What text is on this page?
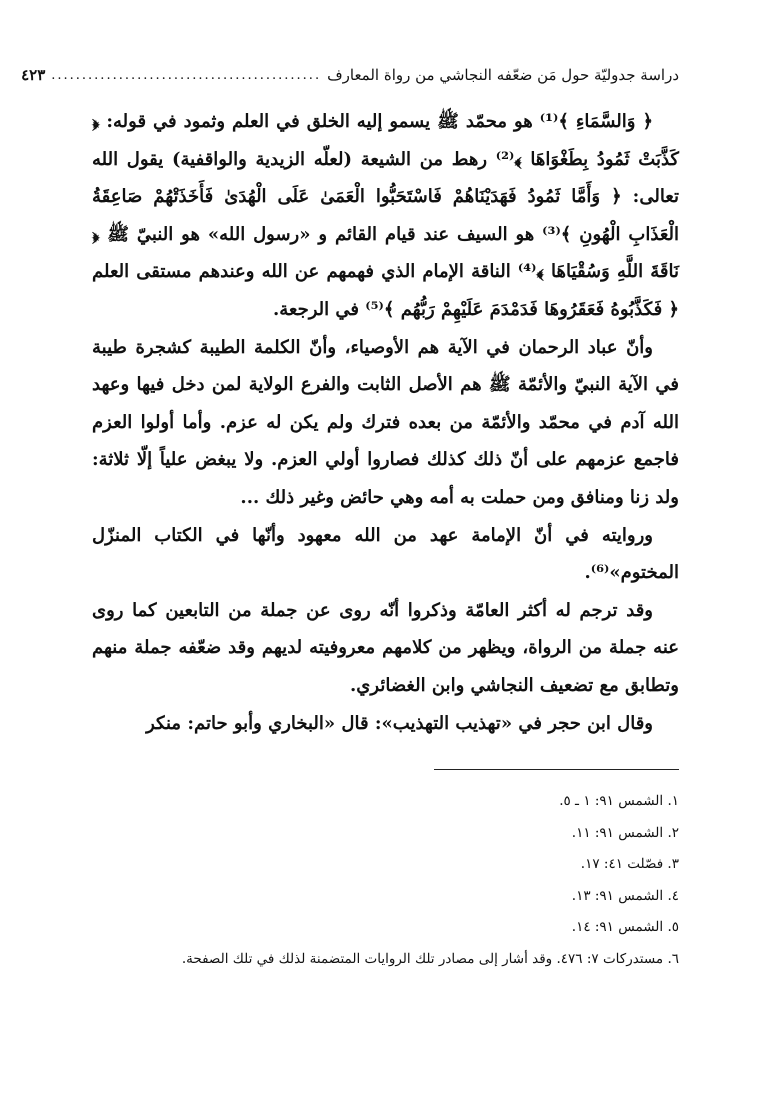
دراسة جدوليّة حول مَن ضعّفه النجاشي من رواة المعارف
............................................
٤٢٣

﴿ وَالسَّمَاءِ ﴾⁽¹⁾ هو محمّد ﷺ يسمو إليه الخلق في العلم وثمود في قوله: ﴿ كَذَّبَتْ ثَمُودُ بِطَغْوَاهَا ﴾⁽²⁾ رهط من الشيعة (لعلّه الزيدية والواقفية) يقول الله تعالى: ﴿ وَأَمَّا ثَمُودُ فَهَدَيْنَاهُمْ فَاسْتَحَبُّوا الْعَمَىٰ عَلَى الْهُدَىٰ فَأَخَذَتْهُمْ صَاعِقَةُ الْعَذَابِ الْهُونِ ﴾⁽³⁾ هو السيف عند قيام القائم و «رسول الله» هو النبيّ ﷺ ﴿ نَاقَةَ اللَّهِ وَسُقْيَاهَا ﴾⁽⁴⁾ الناقة الإمام الذي فهمهم عن الله وعندهم مستقى العلم ﴿ فَكَذَّبُوهُ فَعَقَرُوهَا فَدَمْدَمَ عَلَيْهِمْ رَبُّهُم ﴾⁽⁵⁾ في الرجعة.

وأنّ عباد الرحمان في الآية هم الأوصياء، وأنّ الكلمة الطيبة كشجرة طيبة في الآية النبيّ والأئمّة ﷺ هم الأصل الثابت والفرع الولاية لمن دخل فيها وعهد الله آدم في محمّد والأئمّة من بعده فترك ولم يكن له عزم. وأما أولوا العزم فاجمع عزمهم على أنّ ذلك كذلك فصاروا أولي العزم. ولا يبغض علياً إلّا ثلاثة: ولد زنا ومنافق ومن حملت به أمه وهي حائض وغير ذلك ...

وروايته في أنّ الإمامة عهد من الله معهود وأنّها في الكتاب المنزّل المختوم»⁽⁶⁾.

وقد ترجم له أكثر العامّة وذكروا أنّه روى عن جملة من التابعين كما روى عنه جملة من الرواة، ويظهر من كلامهم معروفيته لديهم وقد ضعّفه جملة منهم وتطابق مع تضعيف النجاشي وابن الغضائري.

وقال ابن حجر في «تهذيب التهذيب»: قال «البخاري وأبو حاتم: منكر

١. الشمس ٩١: ١ ـ ٥.

٢. الشمس ٩١: ١١.

٣. فصّلت ٤١: ١٧.

٤. الشمس ٩١: ١٣.

٥. الشمس ٩١: ١٤.

٦. مستدركات ٧: ٤٧٦. وقد أشار إلى مصادر تلك الروايات المتضمنة لذلك في تلك الصفحة.
